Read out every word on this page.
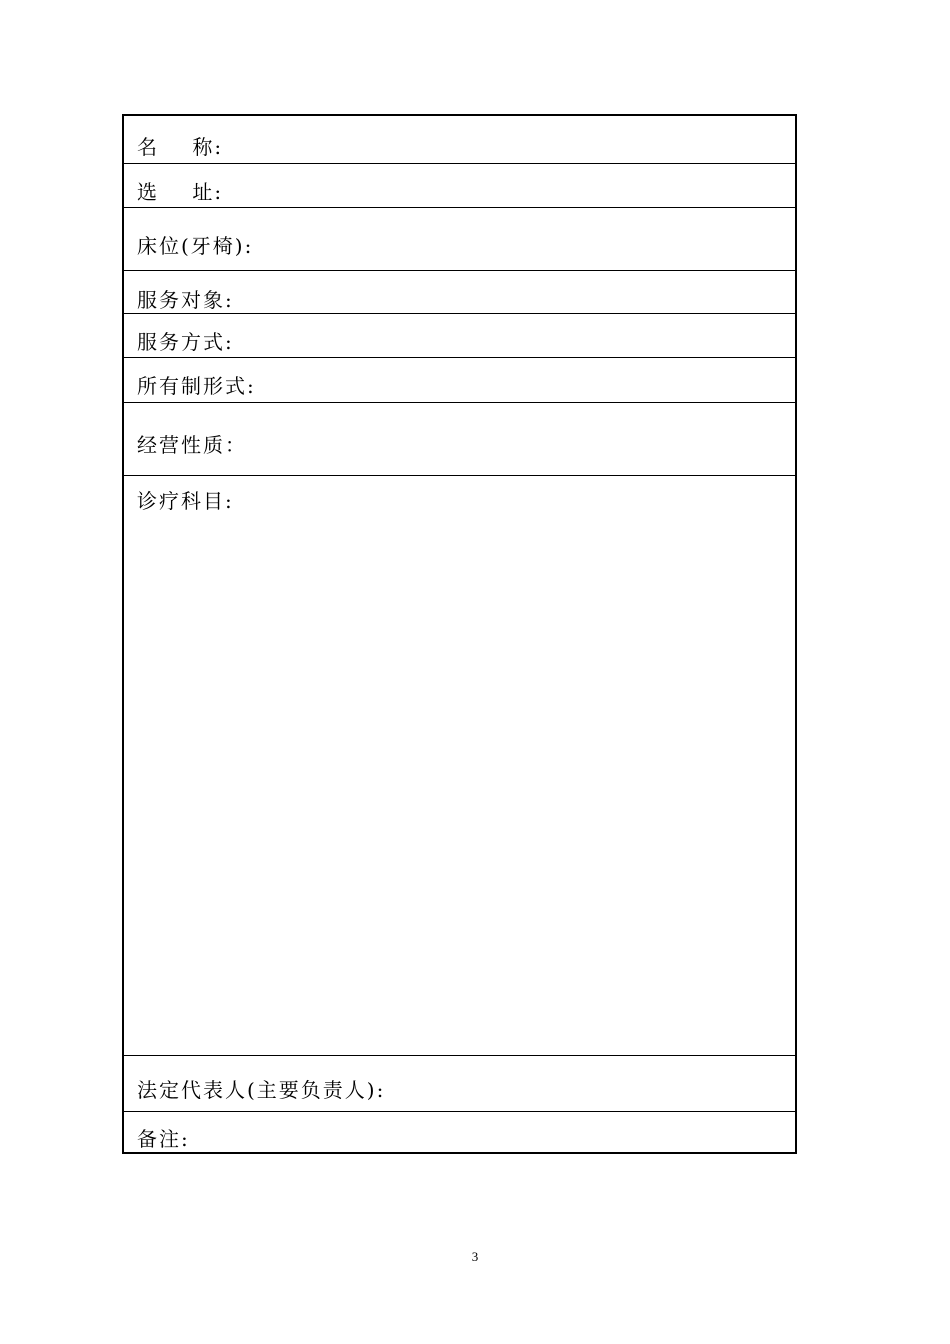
名    称:
选    址:
床位(牙椅):
服务对象:
服务方式:
所有制形式:
经营性质：
诊疗科目:
法定代表人(主要负责人):
备注:
3
